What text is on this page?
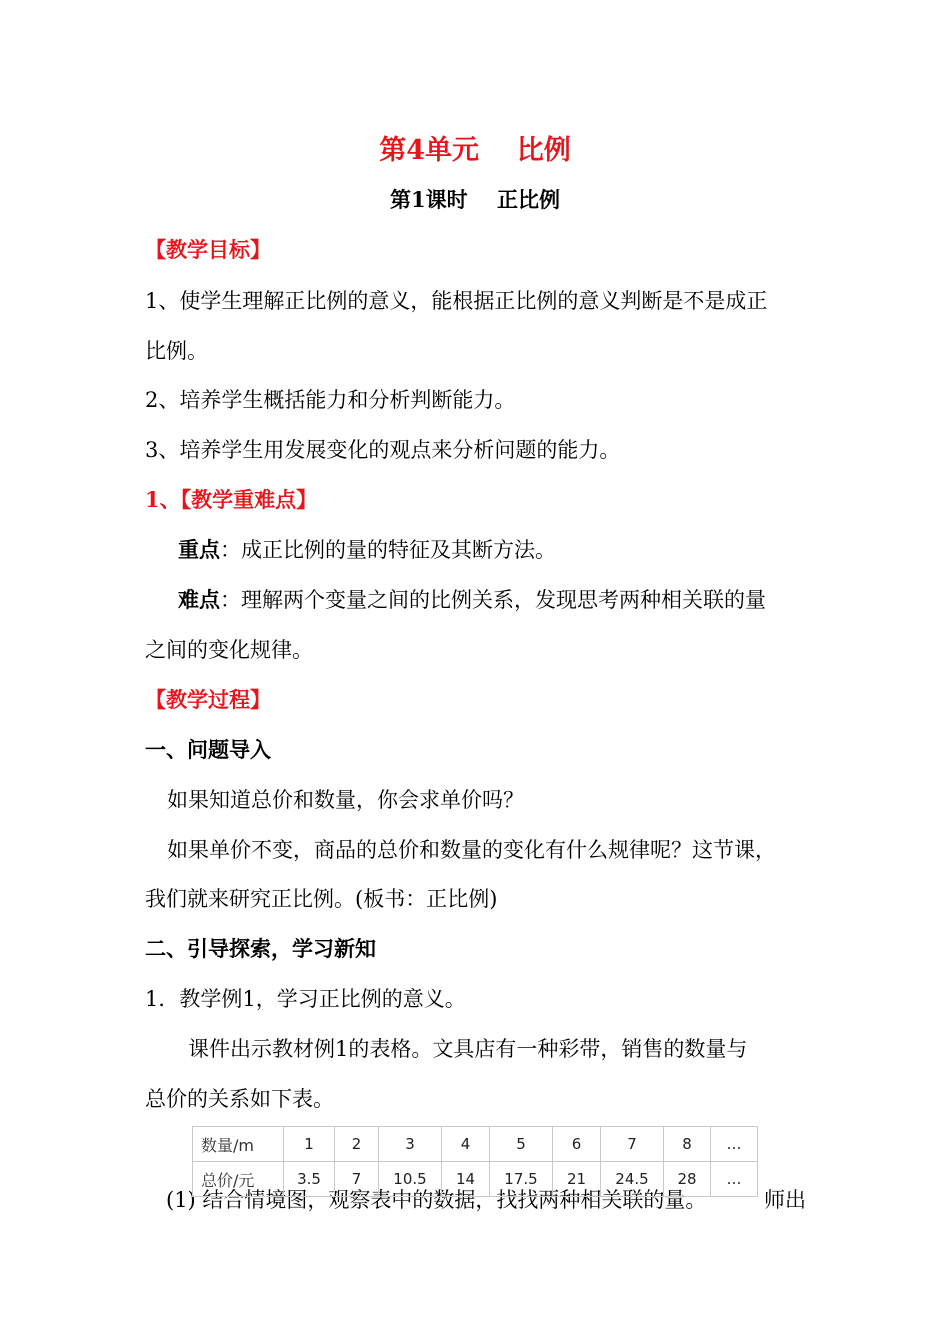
第4单元 比例
第1课时 正比例
【教学目标】
1、使学生理解正比例的意义，能根据正比例的意义判断是不是成正
比例。
2、培养学生概括能力和分析判断能力。
3、培养学生用发展变化的观点来分析问题的能力。
1、【教学重难点】
重点：成正比例的量的特征及其断方法。
难点：理解两个变量之间的比例关系，发现思考两种相关联的量
之间的变化规律。
【教学过程】
一、问题导入
如果知道总价和数量，你会求单价吗？
如果单价不变，商品的总价和数量的变化有什么规律呢？这节课，
我们就来研究正比例。(板书：正比例)
二、引导探索，学习新知
1．教学例1，学习正比例的意义。
课件出示教材例1的表格。文具店有一种彩带，销售的数量与
总价的关系如下表。
(1) 结合情境图，观察表中的数据，找找两种相关联的量。	师出
数量/m	1	2	3	4	5	6	7	8	…
总价/元	3.5	7	10.5	14	17.5	21	24.5	28	…
